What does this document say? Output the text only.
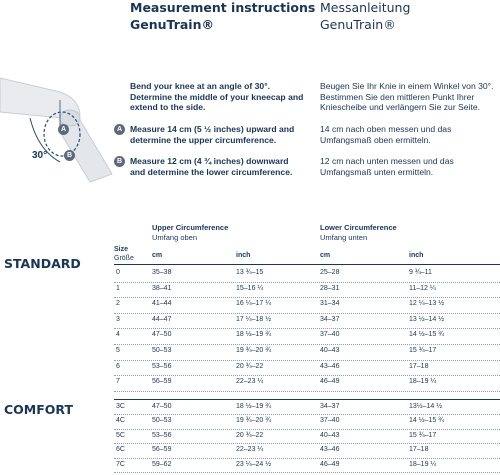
Measurement instructions
GenuTrain®
Messanleitung
GenuTrain®
30°
A
B
Bend your knee at an angle of 30°. Determine the middle of your kneecap and extend to the side.
Beugen Sie Ihr Knie in einem Winkel von 30°. Bestimmen Sie den mittleren Punkt Ihrer Kniescheibe und verlängern Sie zur Seite.
A Measure 14 cm (5 ½ inches) upward and determine the upper circumference.
14 cm nach oben messen und das Umfangsmaß oben ermitteln.
B Measure 12 cm (4 ¾ inches) downward and determine the lower circumference.
12 cm nach unten messen und das Umfangsmaß unten ermitteln.
Upper Circumference
Umfang oben
Lower Circumference
Umfang unten
Size
Größe	cm	inch	cm	inch
STANDARD
COMFORT
0	35–38	13 ¾–15	25–28	9 ¾–11
1	38–41	15–16 ¼	28–31	11–12 ¼
2	41–44	16 ¼–17 ¼	31–34	12 ¼–13 ½
3	44–47	17 ¼–18 ½	34–37	13 ½–14 ½
4	47–50	18 ½–19 ¾	37–40	14 ½–15 ¾
5	50–53	19 ¾–20 ¾	40–43	15 ¾–17
6	53–56	20 ¾–22	43–46	17–18
7	56–59	22–23 ¼	46–49	18–19 ¼
3C	47–50	18 ½–19 ¾	34–37	13½–14 ½
4C	50–53	19 ¾–20 ¾	37–40	14 ½–15 ¾
5C	53–56	20 ¾–22	40–43	15 ¾–17
6C	56–59	22–23 ¼	43–46	17–18
7C	59–62	23 ¼–24 ½	46–49	18–19 ¼
